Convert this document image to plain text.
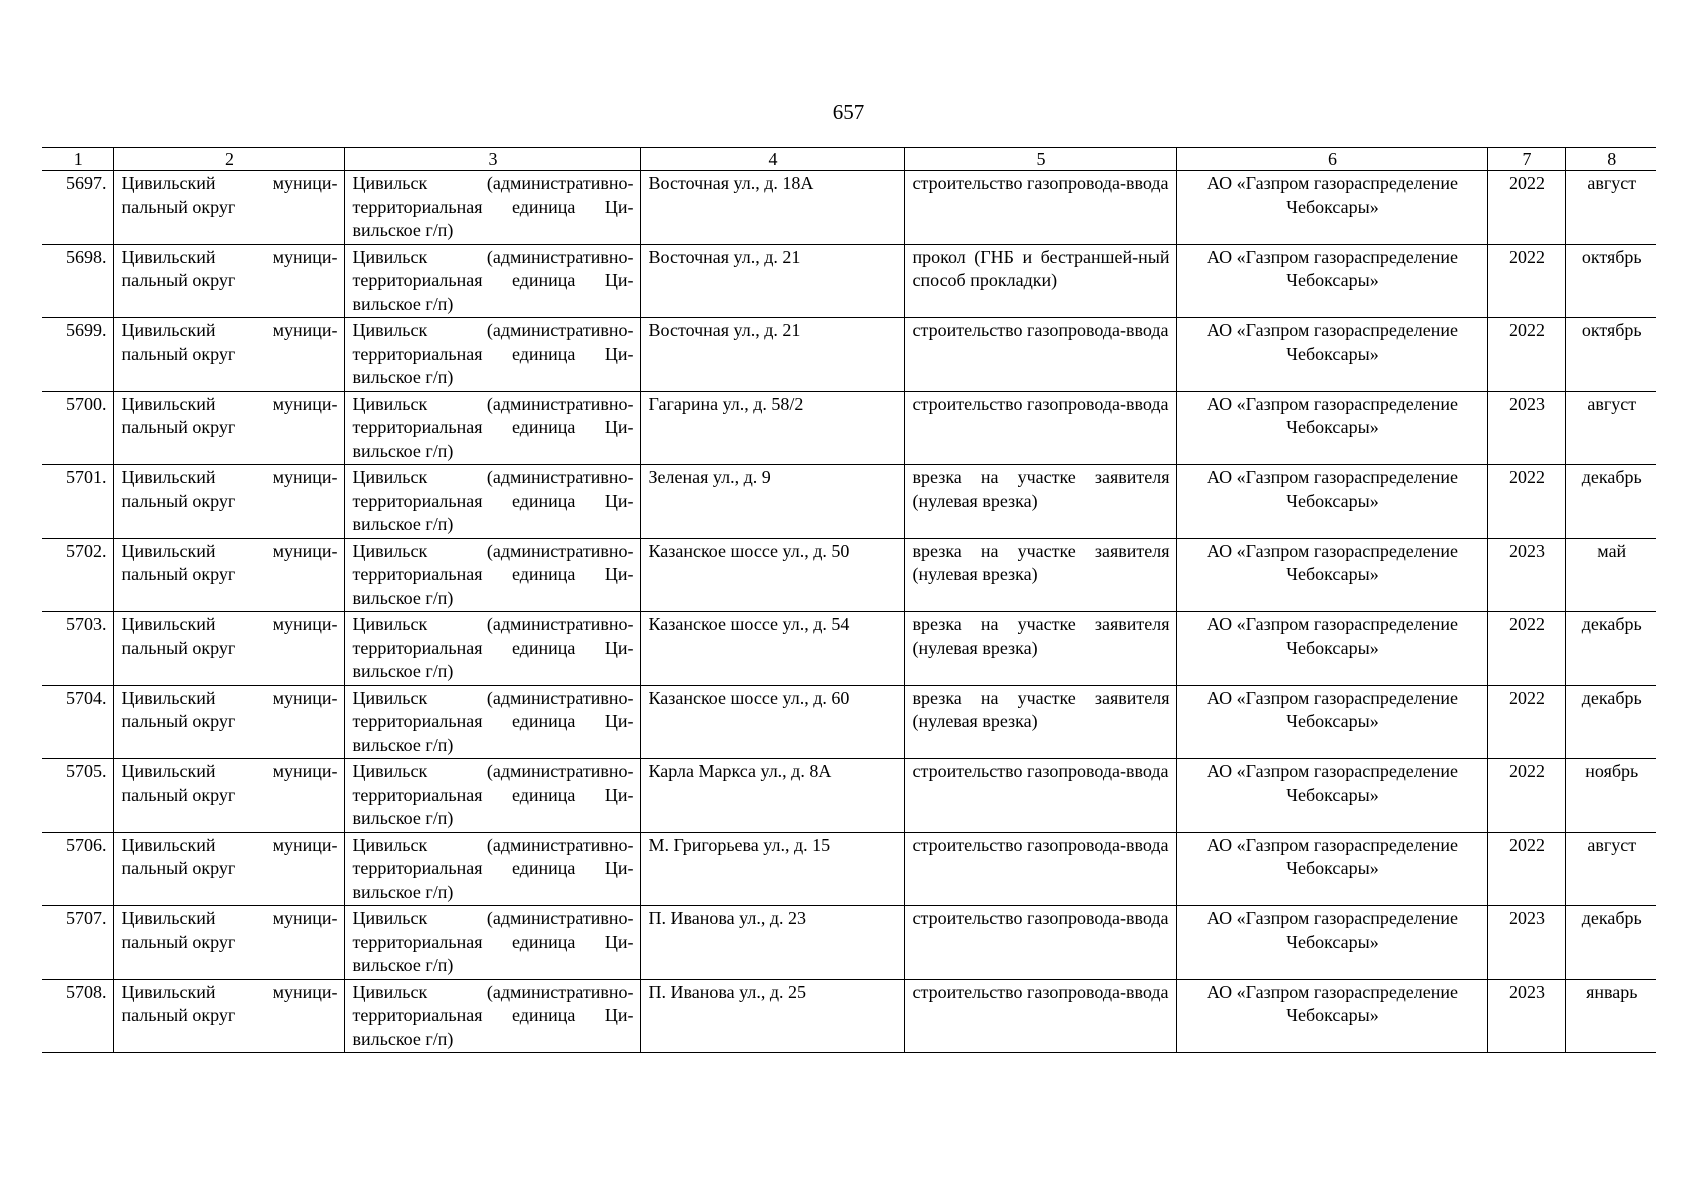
657
1	2	3	4	5	6	7	8
5697.	Цивильский муници-пальный округ	Цивильск (административно-территориальная единица Ци-вильское г/п)	Восточная ул., д. 18А	строительство газопровода-ввода	АО «Газпром газораспределение Чебоксары»	2022	август
5698.	Цивильский муници-пальный округ	Цивильск (административно-территориальная единица Ци-вильское г/п)	Восточная ул., д. 21	прокол (ГНБ и бестраншей-ный способ прокладки)	АО «Газпром газораспределение Чебоксары»	2022	октябрь
5699.	Цивильский муници-пальный округ	Цивильск (административно-территориальная единица Ци-вильское г/п)	Восточная ул., д. 21	строительство газопровода-ввода	АО «Газпром газораспределение Чебоксары»	2022	октябрь
5700.	Цивильский муници-пальный округ	Цивильск (административно-территориальная единица Ци-вильское г/п)	Гагарина ул., д. 58/2	строительство газопровода-ввода	АО «Газпром газораспределение Чебоксары»	2023	август
5701.	Цивильский муници-пальный округ	Цивильск (административно-территориальная единица Ци-вильское г/п)	Зеленая ул., д. 9	врезка на участке заявителя (нулевая врезка)	АО «Газпром газораспределение Чебоксары»	2022	декабрь
5702.	Цивильский муници-пальный округ	Цивильск (административно-территориальная единица Ци-вильское г/п)	Казанское шоссе ул., д. 50	врезка на участке заявителя (нулевая врезка)	АО «Газпром газораспределение Чебоксары»	2023	май
5703.	Цивильский муници-пальный округ	Цивильск (административно-территориальная единица Ци-вильское г/п)	Казанское шоссе ул., д. 54	врезка на участке заявителя (нулевая врезка)	АО «Газпром газораспределение Чебоксары»	2022	декабрь
5704.	Цивильский муници-пальный округ	Цивильск (административно-территориальная единица Ци-вильское г/п)	Казанское шоссе ул., д. 60	врезка на участке заявителя (нулевая врезка)	АО «Газпром газораспределение Чебоксары»	2022	декабрь
5705.	Цивильский муници-пальный округ	Цивильск (административно-территориальная единица Ци-вильское г/п)	Карла Маркса ул., д. 8А	строительство газопровода-ввода	АО «Газпром газораспределение Чебоксары»	2022	ноябрь
5706.	Цивильский муници-пальный округ	Цивильск (административно-территориальная единица Ци-вильское г/п)	М. Григорьева ул., д. 15	строительство газопровода-ввода	АО «Газпром газораспределение Чебоксары»	2022	август
5707.	Цивильский муници-пальный округ	Цивильск (административно-территориальная единица Ци-вильское г/п)	П. Иванова ул., д. 23	строительство газопровода-ввода	АО «Газпром газораспределение Чебоксары»	2023	декабрь
5708.	Цивильский муници-пальный округ	Цивильск (административно-территориальная единица Ци-вильское г/п)	П. Иванова ул., д. 25	строительство газопровода-ввода	АО «Газпром газораспределение Чебоксары»	2023	январь
